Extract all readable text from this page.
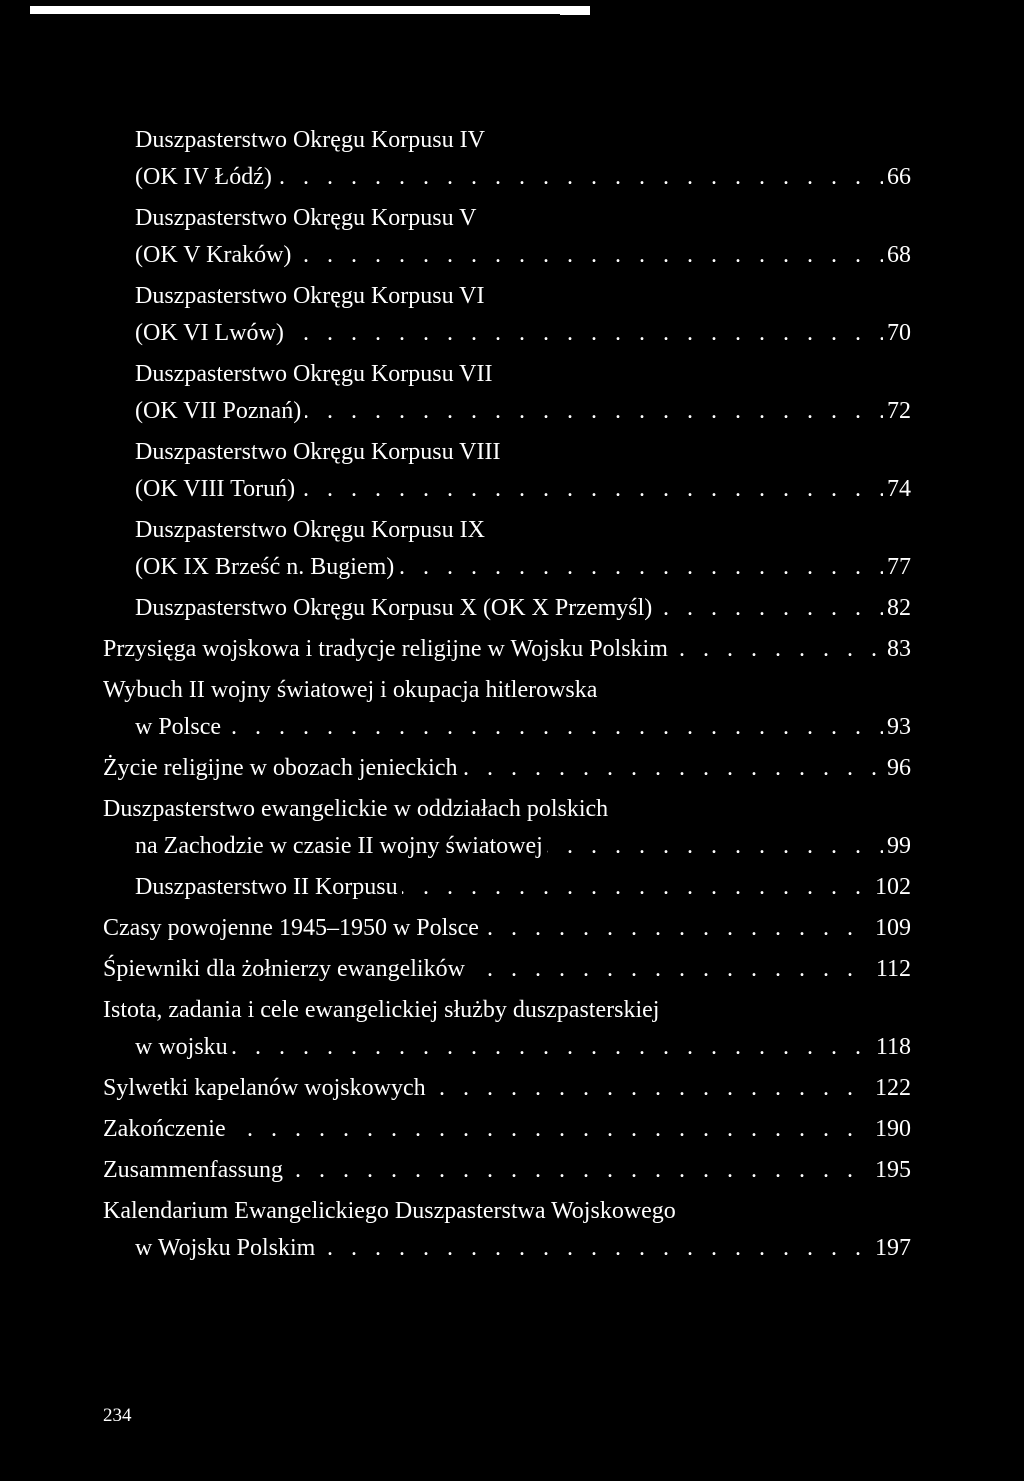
Duszpasterstwo Okręgu Korpusu IV
. . .
(OK IV Łódź)	66
Duszpasterstwo Okręgu Korpusu V
. . .
(OK V Kraków)	68
Duszpasterstwo Okręgu Korpusu VI
. . .
(OK VI Lwów)	70
Duszpasterstwo Okręgu Korpusu VII
. . .
(OK VII Poznań)	72
Duszpasterstwo Okręgu Korpusu VIII
. . .
(OK VIII Toruń)	74
Duszpasterstwo Okręgu Korpusu IX
. . .
(OK IX Brześć n. Bugiem)	77
. . .
Duszpasterstwo Okręgu Korpusu X (OK X Przemyśl)	82
. . .
Przysięga wojskowa i tradycje religijne w Wojsku Polskim	83
Wybuch II wojny światowej i okupacja hitlerowska
. . .
w Polsce	93
. . .
Życie religijne w obozach jenieckich	96
Duszpasterstwo ewangelickie w oddziałach polskich
. . .
na Zachodzie w czasie II wojny światowej	99
. . .
Duszpasterstwo II Korpusu	102
. . .
Czasy powojenne 1945–1950 w Polsce	109
. . .
Śpiewniki dla żołnierzy ewangelików	112
Istota, zadania i cele ewangelickiej służby duszpasterskiej
. . .
w wojsku	118
. . .
Sylwetki kapelanów wojskowych	122
. . .
Zakończenie	190
. . .
Zusammenfassung	195
Kalendarium Ewangelickiego Duszpasterstwa Wojskowego
. . .
w Wojsku Polskim	197
234
